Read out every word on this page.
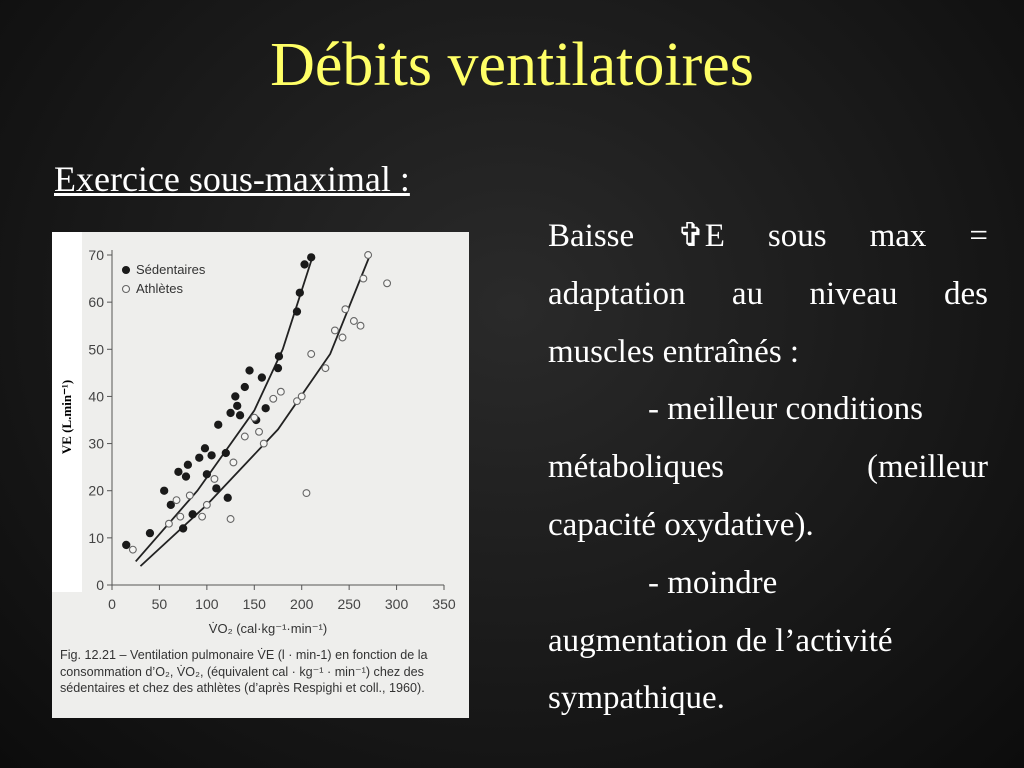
Débits ventilatoires
Exercice sous-maximal :
0
10
20
30
40
50
60
70
0	50 100 150 200 250 300 350
V̇O₂ (cal·kg⁻¹·min⁻¹)
Sédentaires
Athlètes
VE (L.min⁻¹)
Fig. 12.21 – Ventilation pulmonaire V̇E (l · min-1) en fonction de la consommation d’O₂, V̇O₂, (équivalent cal · kg⁻¹ · min⁻¹) chez des sédentaires et chez des athlètes (d’après Respighi et coll., 1960).

Baisse ✞E sous max =

adaptation au niveau des

muscles entraînés :

- meilleur conditions

métaboliques (meilleur

capacité oxydative).

- moindre

augmentation de l’activité

sympathique.
